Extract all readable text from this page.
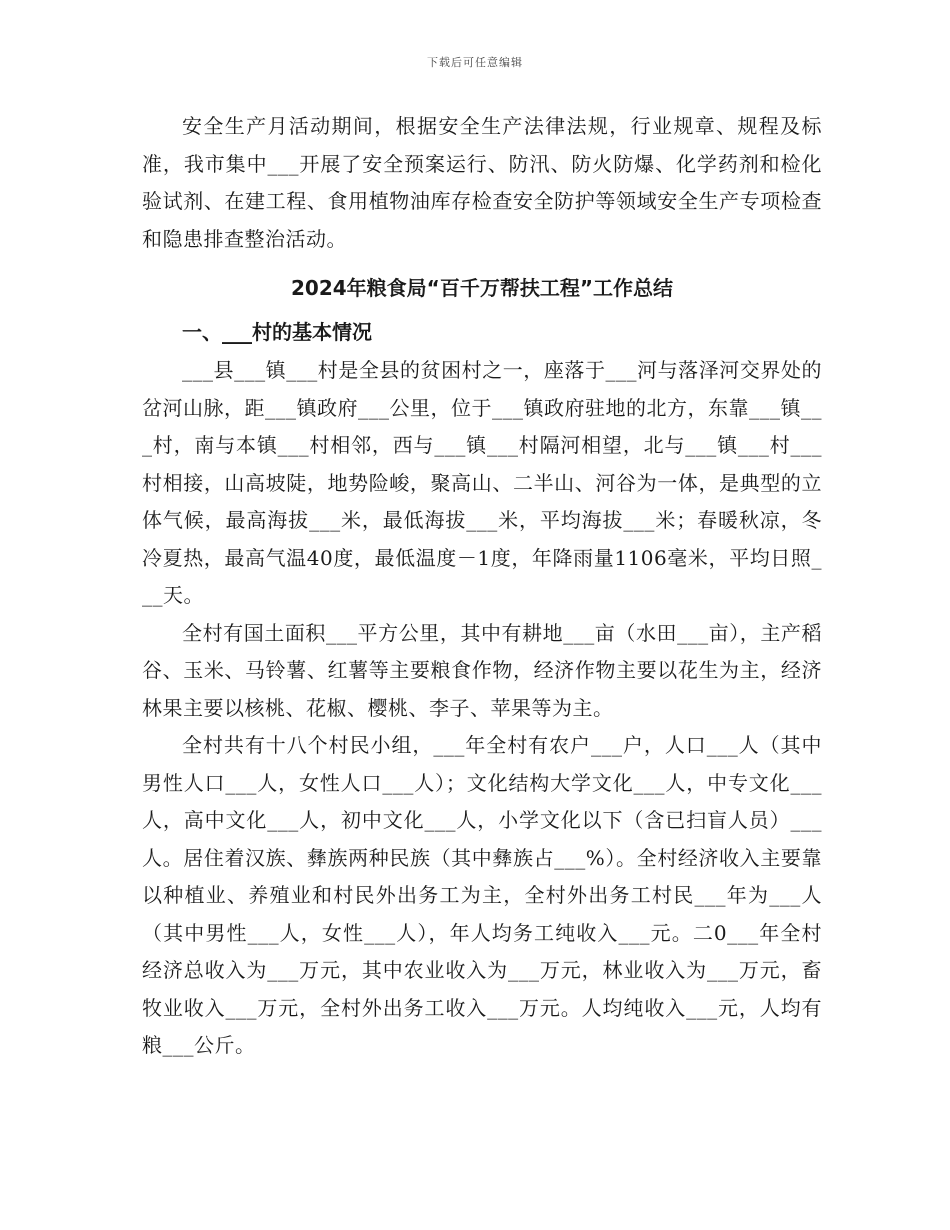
下载后可任意编辑

安全生产月活动期间，根据安全生产法律法规，行业规章、规程及标准，我市集中___开展了安全预案运行、防汛、防火防爆、化学药剂和检化验试剂、在建工程、食用植物油库存检查安全防护等领域安全生产专项检查和隐患排查整治活动。

2024年粮食局“百千万帮扶工程”工作总结
一、___村的基本情况

___县___镇___村是全县的贫困村之一，座落于___河与落泽河交界处的岔河山脉，距___镇政府___公里，位于___镇政府驻地的北方，东靠___镇___村，南与本镇___村相邻，西与___镇___村隔河相望，北与___镇___村___村相接，山高坡陡，地势险峻，聚高山、二半山、河谷为一体，是典型的立体气候，最高海拔___米，最低海拔___米，平均海拔___米；春暖秋凉，冬冷夏热，最高气温40度，最低温度－1度，年降雨量1106毫米，平均日照___天。

全村有国土面积___平方公里，其中有耕地___亩（水田___亩），主产稻谷、玉米、马铃薯、红薯等主要粮食作物，经济作物主要以花生为主，经济林果主要以核桃、花椒、樱桃、李子、苹果等为主。

全村共有十八个村民小组，___年全村有农户___户，人口___人（其中男性人口___人，女性人口___人）；文化结构大学文化___人，中专文化___人，高中文化___人，初中文化___人，小学文化以下（含已扫盲人员）___人。居住着汉族、彝族两种民族（其中彝族占___%）。全村经济收入主要靠以种植业、养殖业和村民外出务工为主，全村外出务工村民___年为___人（其中男性___人，女性___人），年人均务工纯收入___元。二0___年全村经济总收入为___万元，其中农业收入为___万元，林业收入为___万元，畜牧业收入___万元，全村外出务工收入___万元。人均纯收入___元，人均有粮___公斤。
